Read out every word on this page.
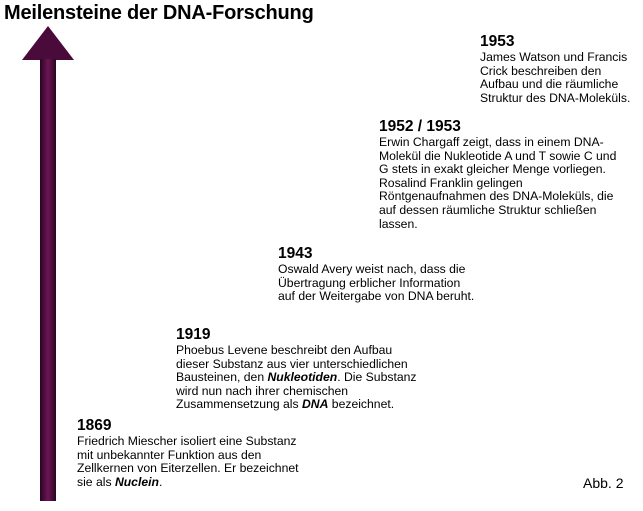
Meilensteine der DNA-Forschung
1953
James Watson und Francis
Crick beschreiben den
Aufbau und die räumliche
Struktur des DNA-Moleküls.
1952 / 1953
Erwin Chargaff zeigt, dass in einem DNA-
Molekül die Nukleotide A und T sowie C und
G stets in exakt gleicher Menge vorliegen.
Rosalind Franklin gelingen
Röntgenaufnahmen des DNA-Moleküls, die
auf dessen räumliche Struktur schließen
lassen.
1943
Oswald Avery weist nach, dass die
Übertragung erblicher Information
auf der Weitergabe von DNA beruht.
1919
Phoebus Levene beschreibt den Aufbau
dieser Substanz aus vier unterschiedlichen
Bausteinen, den Nukleotiden. Die Substanz
wird nun nach ihrer chemischen
Zusammensetzung als DNA bezeichnet.
1869
Friedrich Miescher isoliert eine Substanz
mit unbekannter Funktion aus den
Zellkernen von Eiterzellen. Er bezeichnet
sie als Nuclein.	Abb. 2
